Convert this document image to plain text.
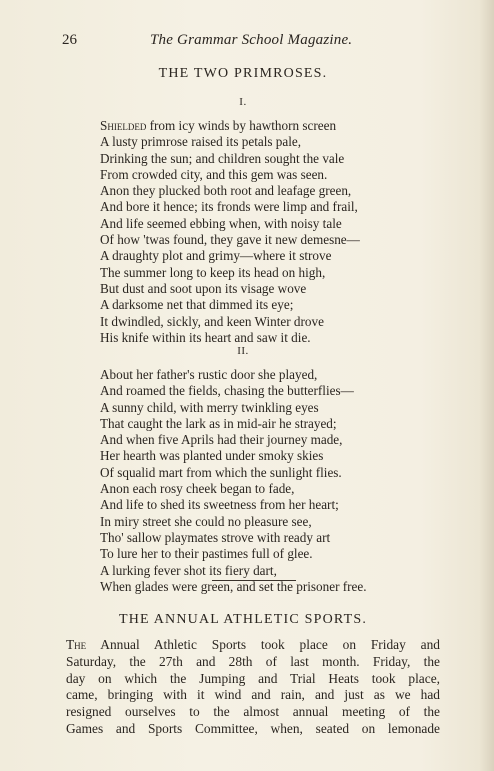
26	The Grammar School Magazine.
THE TWO PRIMROSES.
I.
Shielded from icy winds by hawthorn screen
A lusty primrose raised its petals pale,
Drinking the sun; and children sought the vale
From crowded city, and this gem was seen.
Anon they plucked both root and leafage green,
And bore it hence; its fronds were limp and frail,
And life seemed ebbing when, with noisy tale
Of how 'twas found, they gave it new demesne—
A draughty plot and grimy—where it strove
The summer long to keep its head on high,
But dust and soot upon its visage wove
A darksome net that dimmed its eye;
It dwindled, sickly, and keen Winter drove
His knife within its heart and saw it die.
II.
About her father's rustic door she played,
And roamed the fields, chasing the butterflies—
A sunny child, with merry twinkling eyes
That caught the lark as in mid-air he strayed;
And when five Aprils had their journey made,
Her hearth was planted under smoky skies
Of squalid mart from which the sunlight flies.
Anon each rosy cheek began to fade,
And life to shed its sweetness from her heart;
In miry street she could no pleasure see,
Tho' sallow playmates strove with ready art
To lure her to their pastimes full of glee.
A lurking fever shot its fiery dart,
When glades were green, and set the prisoner free.
THE ANNUAL ATHLETIC SPORTS.
The Annual Athletic Sports took place on Friday and
Saturday, the 27th and 28th of last month. Friday, the
day on which the Jumping and Trial Heats took place,
came, bringing with it wind and rain, and just as we had
resigned ourselves to the almost annual meeting of the
Games and Sports Committee, when, seated on lemonade
